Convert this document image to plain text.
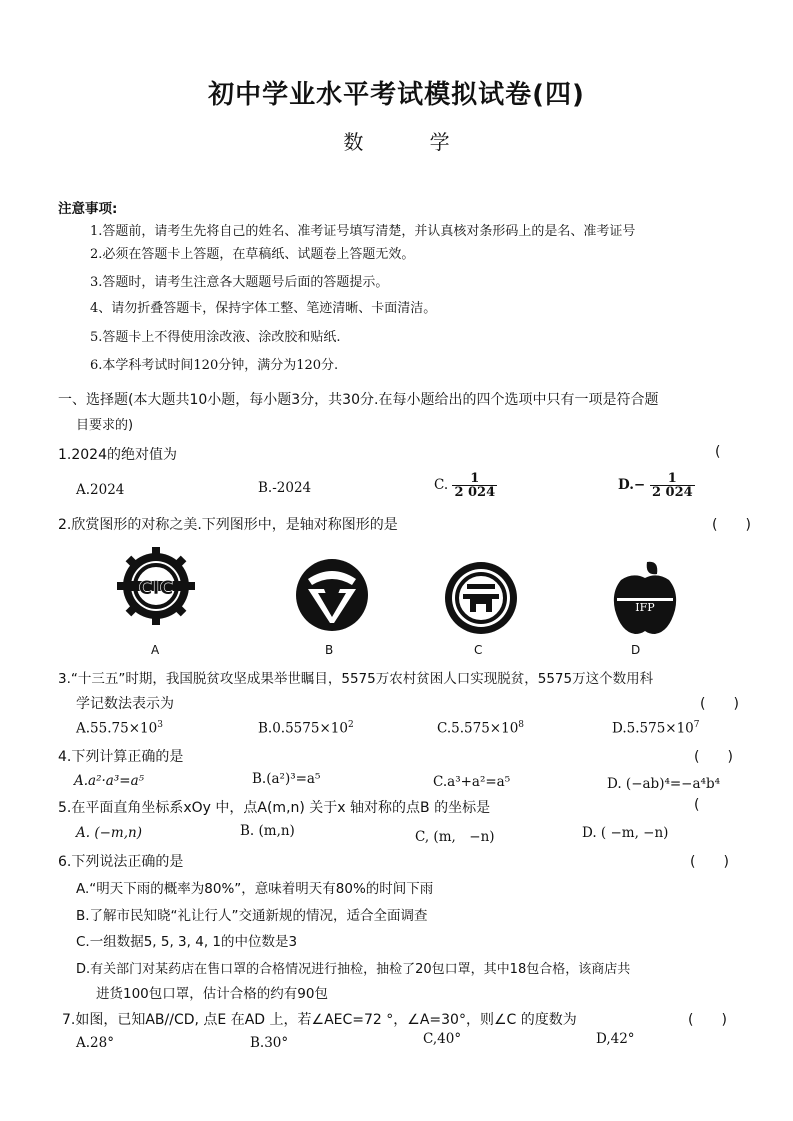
初中学业水平考试模拟试卷(四)
数 学
注意事项:
1.答题前，请考生先将自己的姓名、准考证号填写清楚，并认真核对条形码上的是名、准考证号
2.必须在答题卡上答题，在草稿纸、试题卷上答题无效。
3.答题时，请考生注意各大题题号后面的答题提示。
4、请勿折叠答题卡，保持字体工整、笔迹清晰、卡面清洁。
5.答题卡上不得使用涂改液、涂改胶和贴纸.
6.本学科考试时间120分钟，满分为120分.
一、选择题(本大题共10小题，每小题3分，共30分.在每小题给出的四个选项中只有一项是符合题
目要求的)
1.2024的绝对值为	(
A.2024	B.-2024	C. $\frac{1}{2 024}$	$D.- \frac{1}{2 024}$
2.欣赏图形的对称之美.下列图形中，是轴对称图形的是	(　　)
CIC
IFP
A	B	C	D
3.“十三五”时期，我国脱贫攻坚成果举世瞩目，5575万农村贫困人口实现脱贫，5575万这个数用科
学记数法表示为	(　　)
$A.55.75\times 10^3$	$B.0.5575\times 10^2$	$C.5.575\times 10^8$	$D.5.575\times 10^7$
4.下列计算正确的是	(　　)
A.a²·a³=a⁵	B.(a²)³=a⁵	C.a³+a²=a⁵	D. (−ab)⁴=−a⁴b⁴
5.在平面直角坐标系xOy 中，点A(m,n) 关于x 轴对称的点B 的坐标是	(
A. (−m,n)	B. (m,n)	C, (m,　−n)	D. ( −m, −n)
6.下列说法正确的是	(　　)
A.“明天下雨的概率为80%”，意味着明天有80%的时间下雨
B.了解市民知晓“礼让行人”交通新规的情况，适合全面调查
C.一组数据5, 5, 3, 4, 1的中位数是3
D.有关部门对某药店在售口罩的合格情况进行抽检，抽检了20包口罩，其中18包合格，该商店共
进货100包口罩，估计合格的约有90包
7.如图，已知AB//CD, 点E 在AD 上，若∠AEC=72 °，∠A=30°，则∠C 的度数为	(　　)
A.28°	B.30°	C,40°	D,42°
